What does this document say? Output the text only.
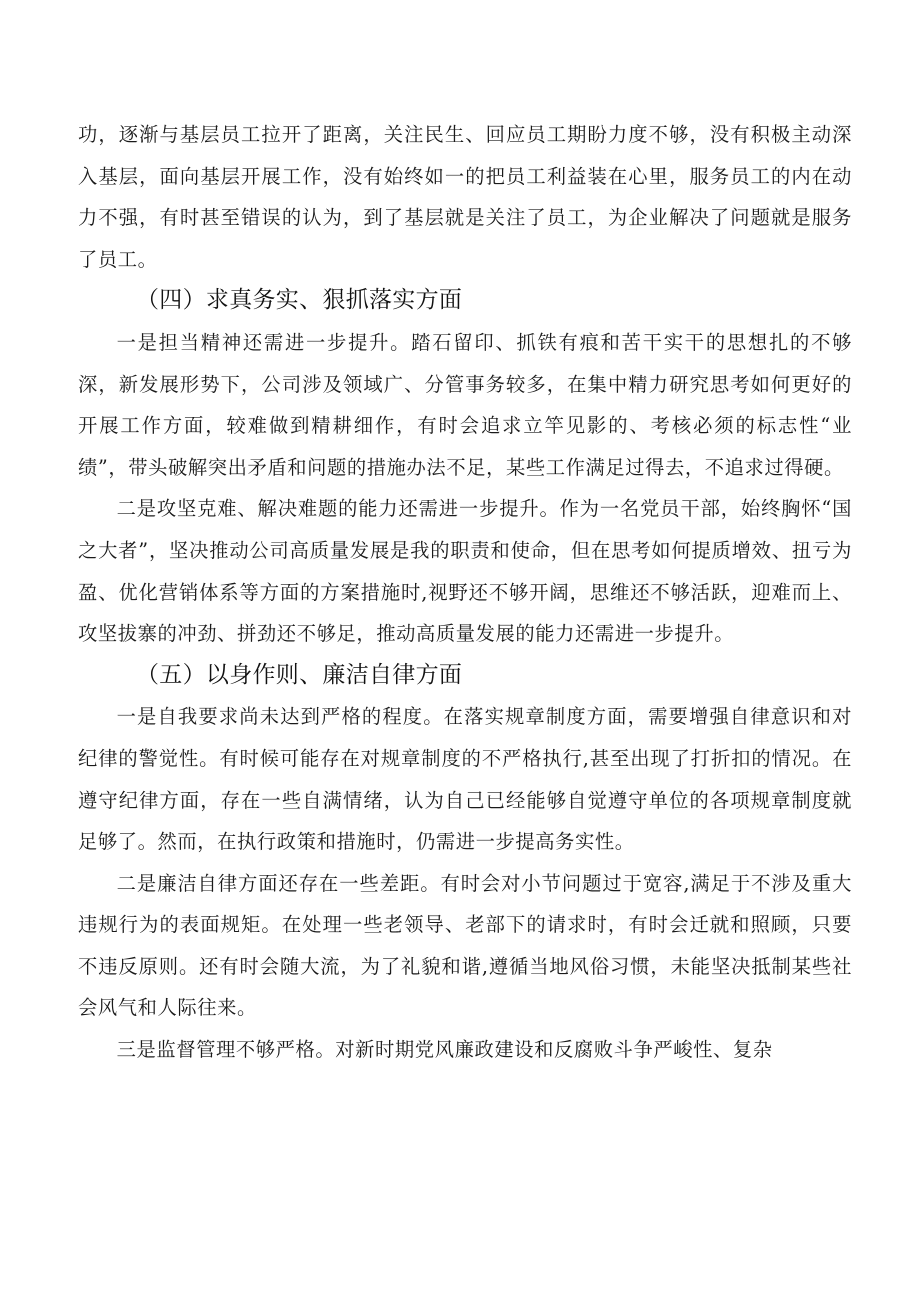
功，逐渐与基层员工拉开了距离，关注民生、回应员工期盼力度不够，没有积极主动深入基层，面向基层开展工作，没有始终如一的把员工利益装在心里，服务员工的内在动力不强，有时甚至错误的认为，到了基层就是关注了员工，为企业解决了问题就是服务了员工。

（四）求真务实、狠抓落实方面

一是担当精神还需进一步提升。踏石留印、抓铁有痕和苦干实干的思想扎的不够深，新发展形势下，公司涉及领域广、分管事务较多，在集中精力研究思考如何更好的开展工作方面，较难做到精耕细作，有时会追求立竿见影的、考核必须的标志性“业绩”，带头破解突出矛盾和问题的措施办法不足，某些工作满足过得去，不追求过得硬。

二是攻坚克难、解决难题的能力还需进一步提升。作为一名党员干部，始终胸怀“国之大者”，坚决推动公司高质量发展是我的职责和使命，但在思考如何提质增效、扭亏为盈、优化营销体系等方面的方案措施时,视野还不够开阔，思维还不够活跃，迎难而上、攻坚拔寨的冲劲、拼劲还不够足，推动高质量发展的能力还需进一步提升。

（五）以身作则、廉洁自律方面

一是自我要求尚未达到严格的程度。在落实规章制度方面，需要增强自律意识和对纪律的警觉性。有时候可能存在对规章制度的不严格执行,甚至出现了打折扣的情况。在遵守纪律方面，存在一些自满情绪，认为自己已经能够自觉遵守单位的各项规章制度就足够了。然而，在执行政策和措施时，仍需进一步提高务实性。

二是廉洁自律方面还存在一些差距。有时会对小节问题过于宽容,满足于不涉及重大违规行为的表面规矩。在处理一些老领导、老部下的请求时，有时会迁就和照顾，只要不违反原则。还有时会随大流，为了礼貌和谐,遵循当地风俗习惯，未能坚决抵制某些社会风气和人际往来。

三是监督管理不够严格。对新时期党风廉政建设和反腐败斗争严峻性、复杂
